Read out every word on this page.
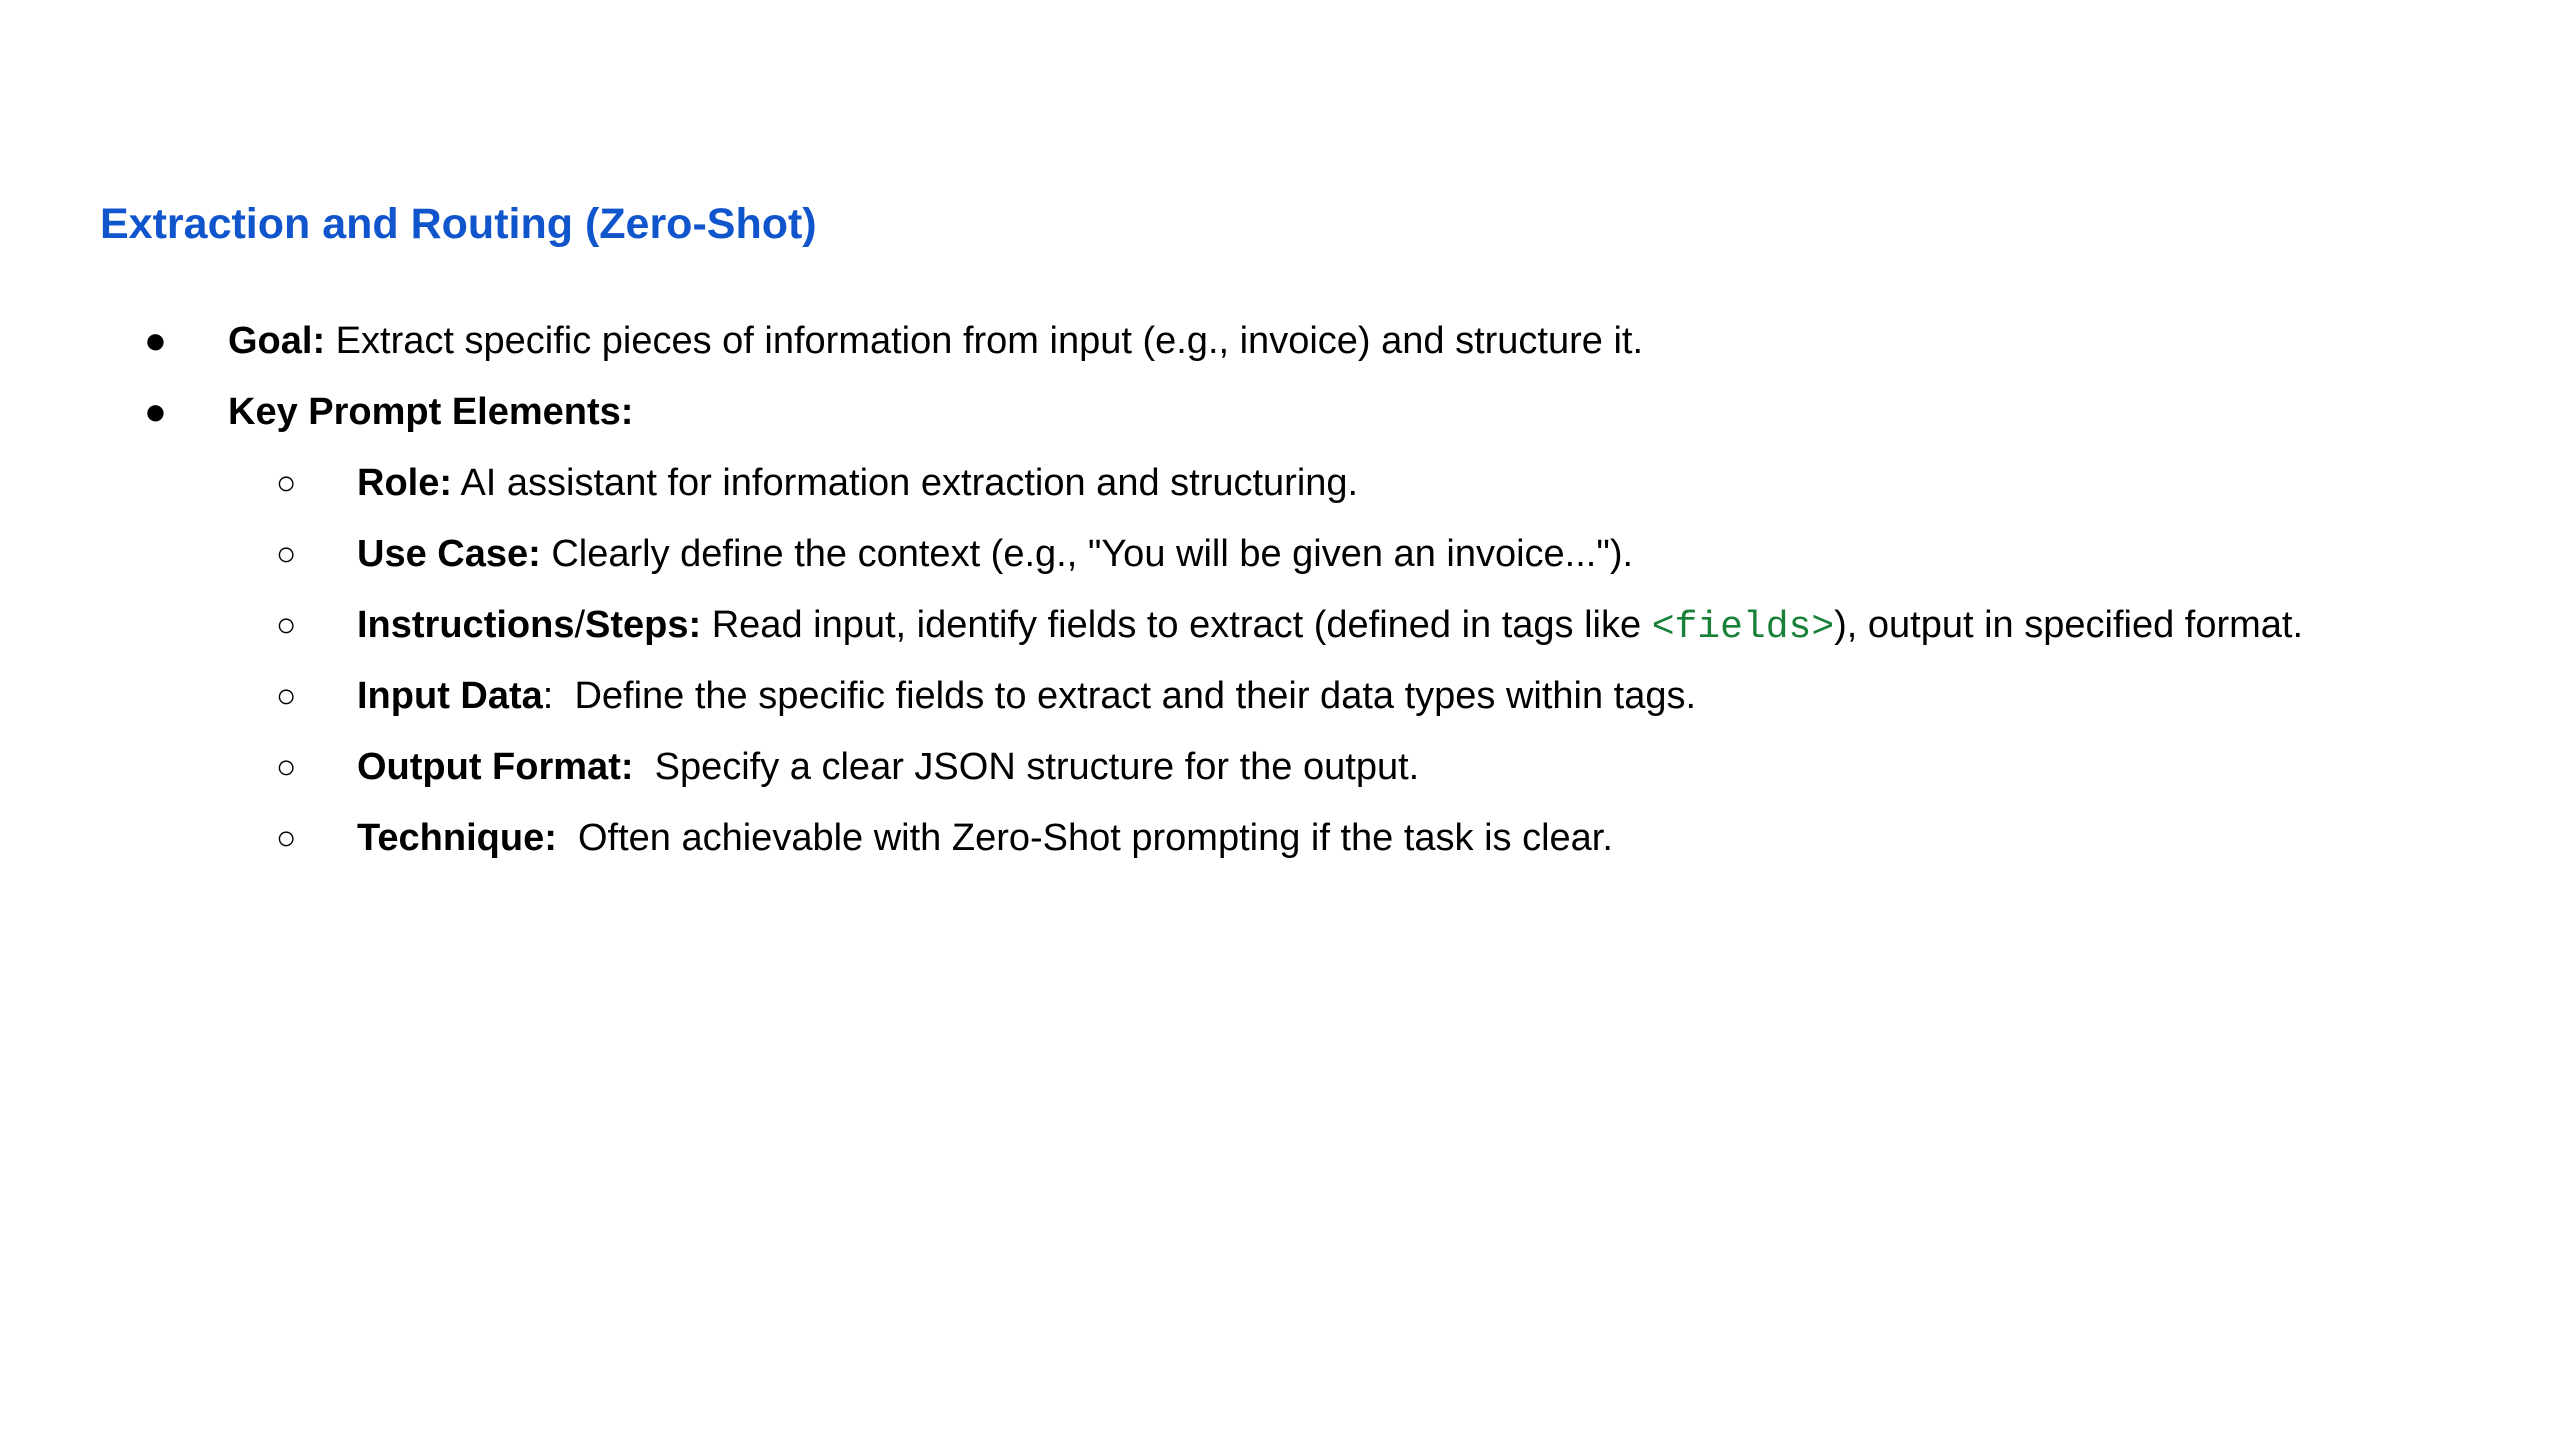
Extraction and Routing (Zero-Shot)
● Goal: Extract specific pieces of information from input (e.g., invoice) and structure it.
● Key Prompt Elements:
○ Role: AI assistant for information extraction and structuring.
○ Use Case: Clearly define the context (e.g., "You will be given an invoice...").
○ Instructions/Steps: Read input, identify fields to extract (defined in tags like <fields>), output in specified format.
○ Input Data:  Define the specific fields to extract and their data types within tags.
○ Output Format:  Specify a clear JSON structure for the output.
○ Technique:  Often achievable with Zero-Shot prompting if the task is clear.
